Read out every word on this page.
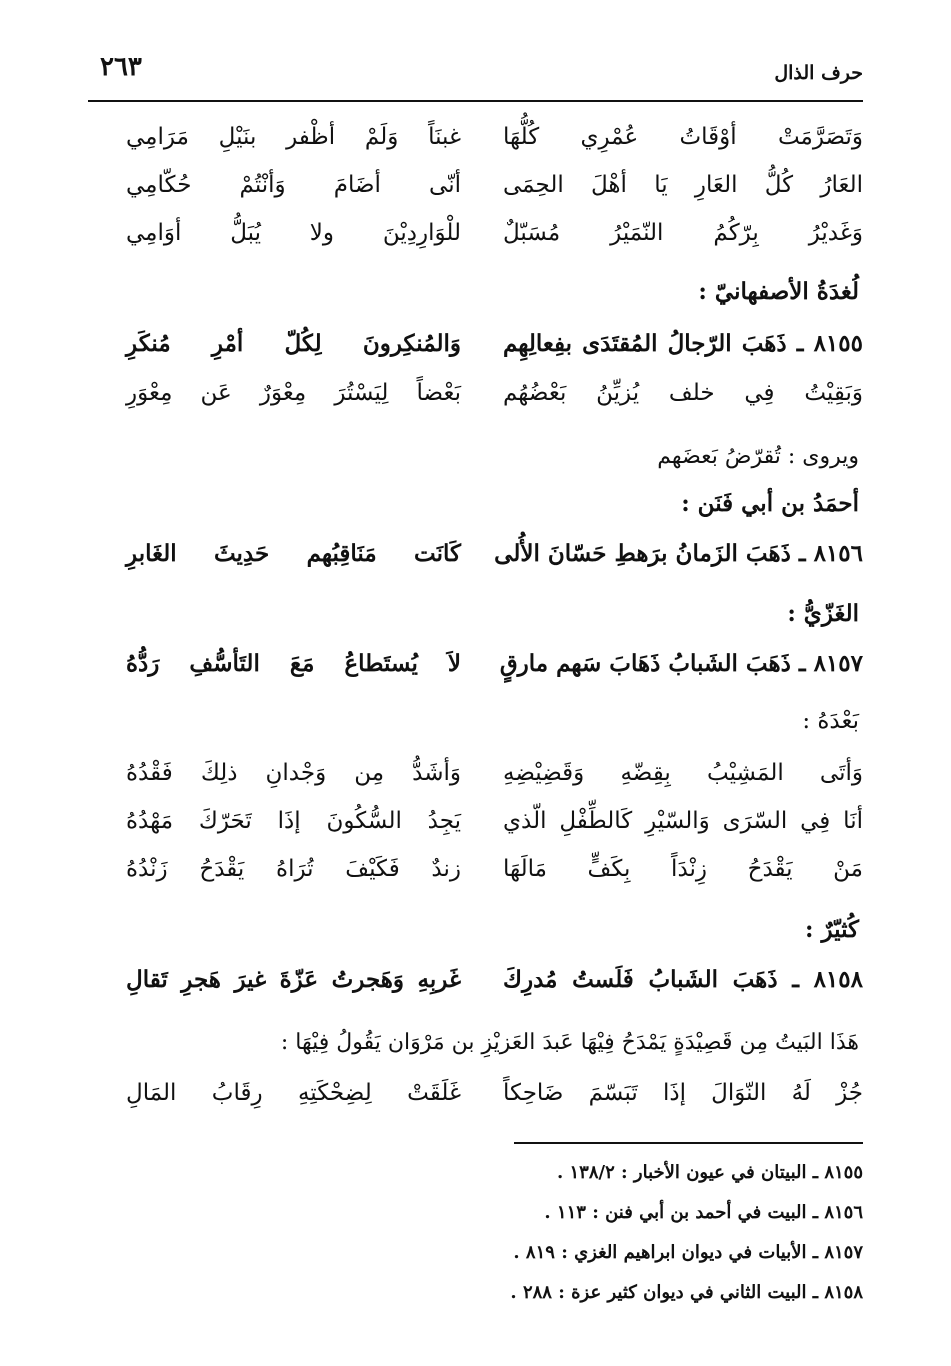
حرف الذال
٢٦٣
وَتَصَرَّمَتْ أوْقَاتُ عُمْرِي كُلُّهَا
غبنَاً وَلَمْ أظْفر بنَيْلِ مَرَامِي
العَارُ كُلُّ العَارِ يَا أهْلَ الحِمَى
أنّى أضَامَ وَأنْتُمْ حُكّامِي
وَغَديْرُ بِرّكُمُ النّمَيْرُ مُسَبّلٌ
للْوَارِدِيْنَ ولا يُبَلُّ أوَامِي
لُغدَةُ الأصفهانيّ :
٨١٥٥ ـ ذَهَبَ الرّجالُ المُقتَدَى بفِعالِهِم
وَالمُنكِرونَ لِكُلّ أمْرِ مُنكَرِ
وَبَقِيْتُ فِي خلف يُزيِّنُ بَعْضُهُم
بَعْضاً لِيَسْتُرَ مِعْوَرٌ عَن مِعْوَرِ
ويروى : تُقرّضُ بَعضَهم
أحمَدُ بن أبي فَنَن :
٨١٥٦ ـ ذَهَبَ الزَمانُ برَهطِ حَسّانَ الأُلى
كَانَت مَنَاقِبُهم حَدِيثَ الغَابرِ
الغَزّيُّ :
٨١٥٧ ـ ذَهَبَ الشَبابُ ذَهَابَ سَهم مارقٍ
لاَ يُستَطاعُ مَعَ التَأسُّفِ رَدُّهُ
بَعْدَهُ :
وَأتَى المَشِيْبُ بِقِضّهِ وَقَضِيْضِهِ
وَأشَدُّ مِن وَجْدانِ ذلِكَ فَقْدُهُ
أنَا فِي السّرَى وَالسّيْرِ كَالطِّفْلِ الّذي
يَجِدُ السُّكُونَ إذَا تَحَرّكَ مَهْدُهُ
مَنْ يَقْدَحُ زِنْدَاً بِكَفٍّ مَالَهَا
زندٌ فَكَيْفَ تُرَاهُ يَقْدَحُ زَنْدُهُ
كُثيّرٌ :
٨١٥٨ ـ ذَهَبَ الشَبابُ فَلَستُ مُدرِكَ
غَربِهِ وَهَجرتُ عَزّةَ غيرَ هَجرِ تَقالِ
هَذَا البَيتُ مِن قَصِيْدَةٍ يَمْدَحُ فِيْهَا عَبدَ العَزيْزِ بن مَرْوَان يَقُولُ فِيْهَا :
جُزْ لَهُ النّوَالَ إذَا تَبَسّمَ ضَاحِكاً
غَلَقَتْ لِضِحْكَتِهِ رِقَابُ المَالِ
٨١٥٥ ـ البيتان في عيون الأخبار : ١٣٨/٢ .
٨١٥٦ ـ البيت في أحمد بن أبي فنن : ١١٣ .
٨١٥٧ ـ الأبيات في ديوان ابراهيم الغزي : ٨١٩ .
٨١٥٨ ـ البيت الثاني في ديوان كثير عزة : ٢٨٨ .
